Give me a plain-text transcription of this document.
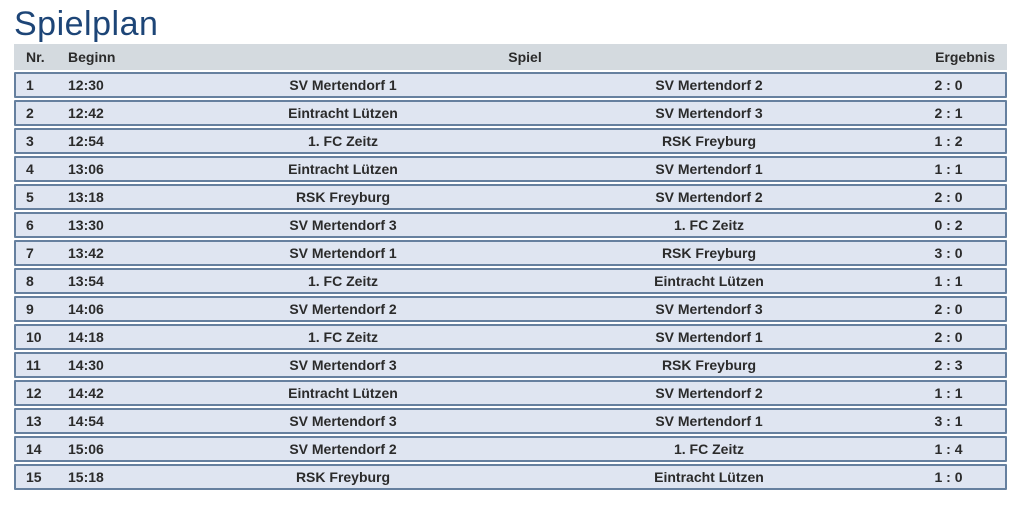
Spielplan
Nr.	Beginn	Spiel	Ergebnis
1	12:30	SV Mertendorf 1	SV Mertendorf 2	2 : 0
2	12:42	Eintracht Lützen	SV Mertendorf 3	2 : 1
3	12:54	1. FC Zeitz	RSK Freyburg	1 : 2
4	13:06	Eintracht Lützen	SV Mertendorf 1	1 : 1
5	13:18	RSK Freyburg	SV Mertendorf 2	2 : 0
6	13:30	SV Mertendorf 3	1. FC Zeitz	0 : 2
7	13:42	SV Mertendorf 1	RSK Freyburg	3 : 0
8	13:54	1. FC Zeitz	Eintracht Lützen	1 : 1
9	14:06	SV Mertendorf 2	SV Mertendorf 3	2 : 0
10	14:18	1. FC Zeitz	SV Mertendorf 1	2 : 0
11	14:30	SV Mertendorf 3	RSK Freyburg	2 : 3
12	14:42	Eintracht Lützen	SV Mertendorf 2	1 : 1
13	14:54	SV Mertendorf 3	SV Mertendorf 1	3 : 1
14	15:06	SV Mertendorf 2	1. FC Zeitz	1 : 4
15	15:18	RSK Freyburg	Eintracht Lützen	1 : 0
